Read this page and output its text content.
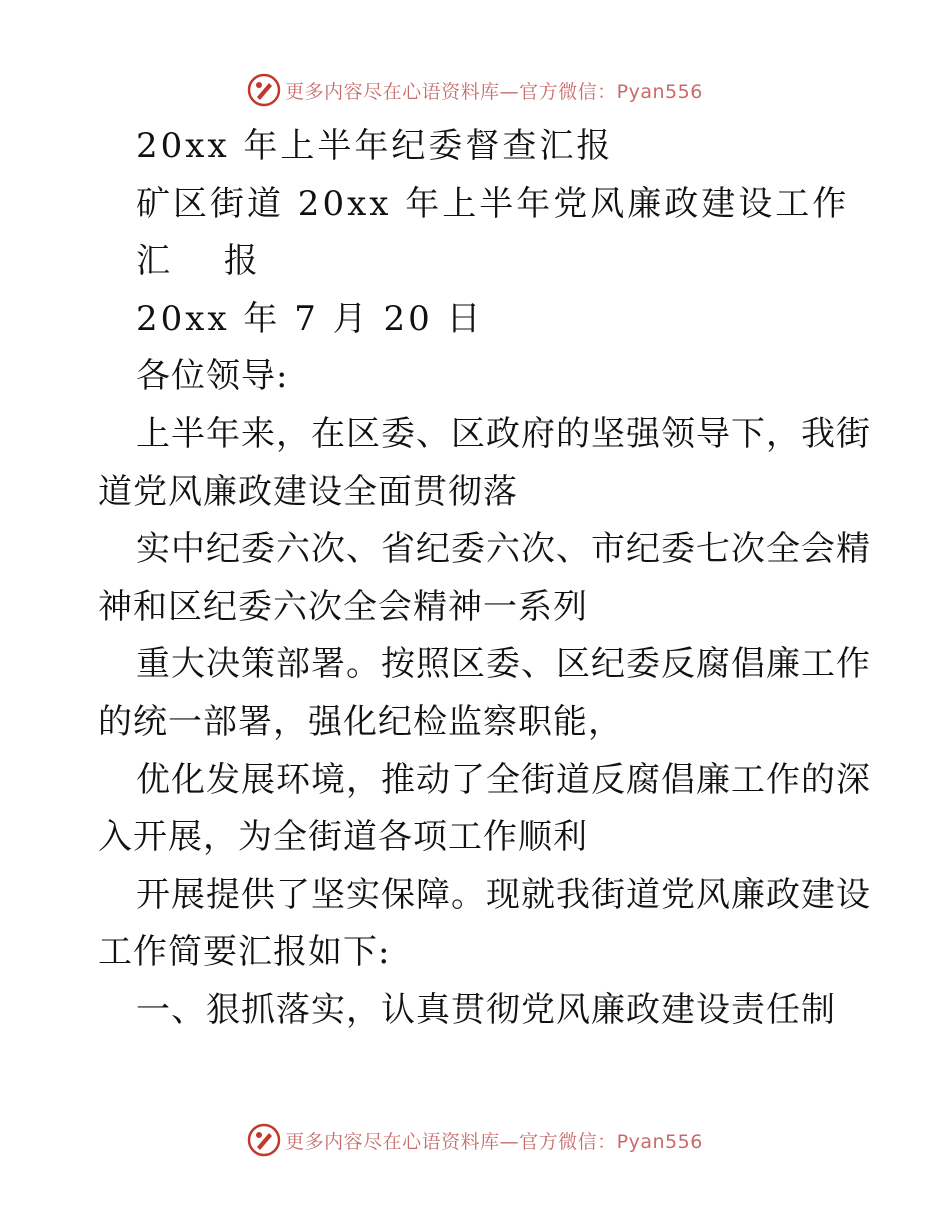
更多内容尽在心语资料库—官方微信：Pyan556
20xx 年上半年纪委督查汇报
矿区街道 20xx 年上半年党风廉政建设工作
汇　 报
20xx 年 7 月 20 日
各位领导:
上半年来，在区委、区政府的坚强领导下，我街
道党风廉政建设全面贯彻落
实中纪委六次、省纪委六次、市纪委七次全会精
神和区纪委六次全会精神一系列
重大决策部署。按照区委、区纪委反腐倡廉工作
的统一部署，强化纪检监察职能，
优化发展环境，推动了全街道反腐倡廉工作的深
入开展，为全街道各项工作顺利
开展提供了坚实保障。现就我街道党风廉政建设
工作简要汇报如下:
一、狠抓落实，认真贯彻党风廉政建设责任制
更多内容尽在心语资料库—官方微信：Pyan556
